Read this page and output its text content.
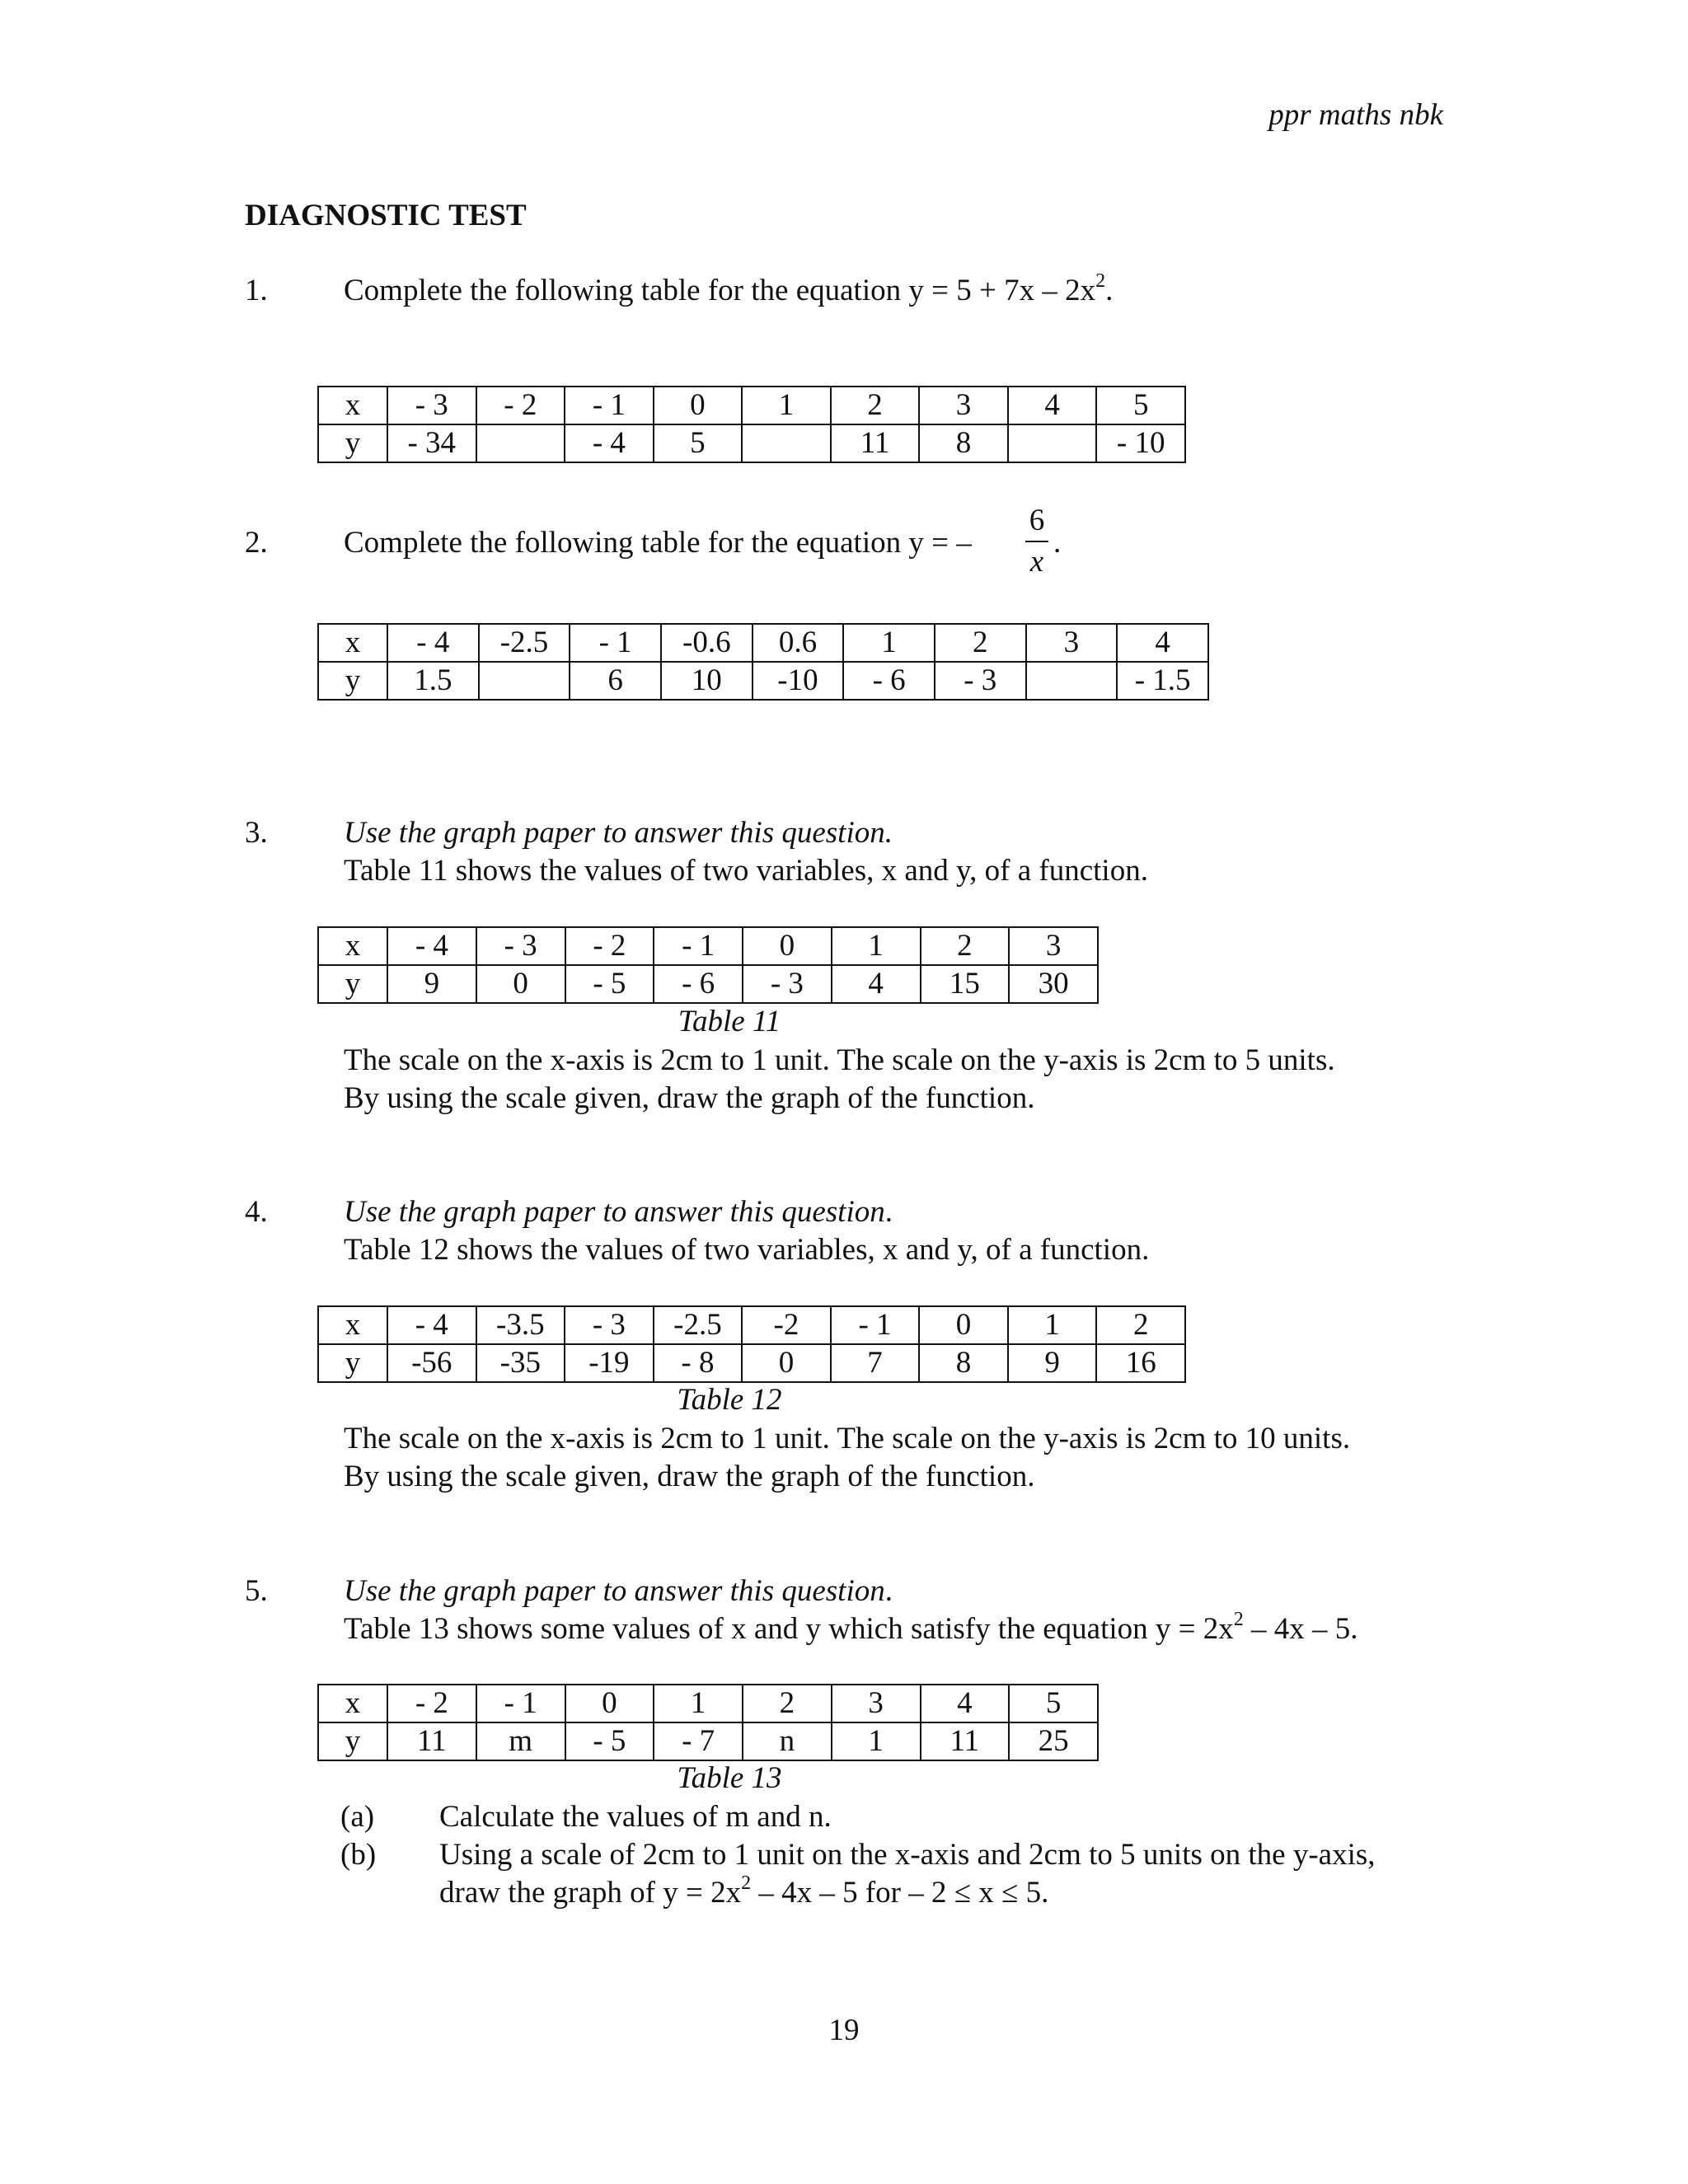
ppr maths nbk
DIAGNOSTIC TEST
1. Complete the following table for the equation $y = 5 + 7x - 2x^2$.
x	- 3	- 2	- 1	0	1	2	3	4	5
y	- 34		- 4	5		11	8		- 10
2. Complete the following table for the equation y = –
6
x
.
x	- 4	-2.5	- 1	-0.6	0.6	1	2	3	4
y	1.5		6	10	-10	- 6	- 3		- 1.5
3. Use the graph paper to answer this question.
Table 11 shows the values of two variables, x and y, of a function.
x	- 4	- 3	- 2	- 1	0	1	2	3
y	9	0	- 5	- 6	- 3	4	15	30
Table 11
The scale on the x-axis is 2cm to 1 unit. The scale on the y-axis is 2cm to 5 units.
By using the scale given, draw the graph of the function.
4. Use the graph paper to answer this question.
Table 12 shows the values of two variables, x and y, of a function.
x	- 4	-3.5	- 3	-2.5	-2	- 1	0	1	2
y	-56	-35	-19	- 8	0	7	8	9	16
Table 12
The scale on the x-axis is 2cm to 1 unit. The scale on the y-axis is 2cm to 10 units.
By using the scale given, draw the graph of the function.
5. Use the graph paper to answer this question.
Table 13 shows some values of x and y which satisfy the equation $y = 2x^2 - 4x - 5$.
x	- 2	- 1	0	1	2	3	4	5
y	11	m	- 5	- 7	n	1	11	25
Table 13
(a) Calculate the values of m and n.
(b) Using a scale of 2cm to 1 unit on the x-axis and 2cm to 5 units on the y-axis,
draw the graph of $y = 2x^2 - 4x - 5$ for – 2 ≤ x ≤ 5.
19
